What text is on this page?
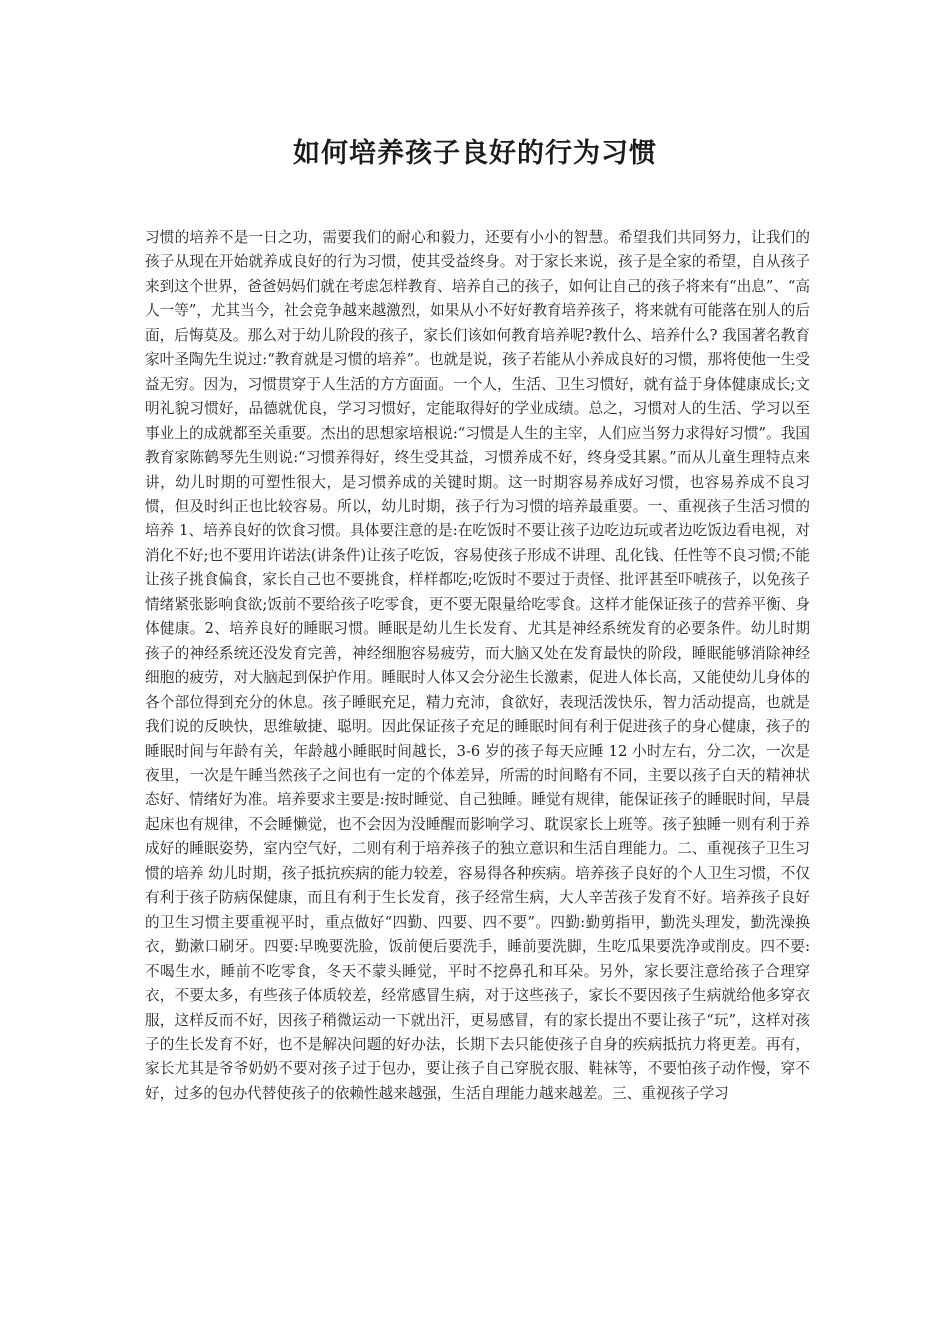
如何培养孩子良好的行为习惯

习惯的培养不是一日之功，需要我们的耐心和毅力，还要有小小的智慧。希望我们共同努力，让我们的孩子从现在开始就养成良好的行为习惯，使其受益终身。对于家长来说，孩子是全家的希望，自从孩子来到这个世界，爸爸妈妈们就在考虑怎样教育、培养自己的孩子，如何让自己的孩子将来有“出息”、“高人一等”，尤其当今，社会竞争越来越激烈，如果从小不好好教育培养孩子，将来就有可能落在别人的后面，后悔莫及。那么对于幼儿阶段的孩子，家长们该如何教育培养呢?教什么、培养什么? 我国著名教育家叶圣陶先生说过:“教育就是习惯的培养”。也就是说，孩子若能从小养成良好的习惯，那将使他一生受益无穷。因为，习惯贯穿于人生活的方方面面。一个人，生活、卫生习惯好，就有益于身体健康成长;文明礼貌习惯好，品德就优良，学习习惯好，定能取得好的学业成绩。总之，习惯对人的生活、学习以至事业上的成就都至关重要。杰出的思想家培根说:“习惯是人生的主宰，人们应当努力求得好习惯”。我国教育家陈鹤琴先生则说:“习惯养得好，终生受其益，习惯养成不好，终身受其累。”而从儿童生理特点来讲，幼儿时期的可塑性很大，是习惯养成的关键时期。这一时期容易养成好习惯，也容易养成不良习惯，但及时纠正也比较容易。所以，幼儿时期，孩子行为习惯的培养最重要。一、重视孩子生活习惯的培养 1、培养良好的饮食习惯。具体要注意的是:在吃饭时不要让孩子边吃边玩或者边吃饭边看电视，对消化不好;也不要用许诺法(讲条件)让孩子吃饭，容易使孩子形成不讲理、乱化钱、任性等不良习惯;不能让孩子挑食偏食，家长自己也不要挑食，样样都吃;吃饭时不要过于责怪、批评甚至吓唬孩子，以免孩子情绪紧张影响食欲;饭前不要给孩子吃零食，更不要无限量给吃零食。这样才能保证孩子的营养平衡、身体健康。2、培养良好的睡眠习惯。睡眠是幼儿生长发育、尤其是神经系统发育的必要条件。幼儿时期孩子的神经系统还没发育完善，神经细胞容易疲劳，而大脑又处在发育最快的阶段，睡眠能够消除神经细胞的疲劳，对大脑起到保护作用。睡眠时人体又会分泌生长激素，促进人体长高，又能使幼儿身体的各个部位得到充分的休息。孩子睡眠充足，精力充沛，食欲好，表现活泼快乐，智力活动提高，也就是我们说的反映快，思维敏捷、聪明。因此保证孩子充足的睡眠时间有利于促进孩子的身心健康，孩子的睡眠时间与年龄有关，年龄越小睡眠时间越长，3-6 岁的孩子每天应睡 12 小时左右，分二次，一次是夜里，一次是午睡当然孩子之间也有一定的个体差异，所需的时间略有不同，主要以孩子白天的精神状态好、情绪好为准。培养要求主要是:按时睡觉、自己独睡。睡觉有规律，能保证孩子的睡眠时间，早晨起床也有规律，不会睡懒觉，也不会因为没睡醒而影响学习、耽误家长上班等。孩子独睡一则有利于养成好的睡眠姿势，室内空气好，二则有利于培养孩子的独立意识和生活自理能力。二、重视孩子卫生习惯的培养 幼儿时期，孩子抵抗疾病的能力较差，容易得各种疾病。培养孩子良好的个人卫生习惯，不仅有利于孩子防病保健康，而且有利于生长发育，孩子经常生病，大人辛苦孩子发育不好。培养孩子良好的卫生习惯主要重视平时，重点做好“四勤、四要、四不要”。四勤:勤剪指甲，勤洗头理发，勤洗澡换衣，勤漱口刷牙。四要:早晚要洗脸，饭前便后要洗手，睡前要洗脚，生吃瓜果要洗净或削皮。四不要:不喝生水，睡前不吃零食，冬天不蒙头睡觉，平时不挖鼻孔和耳朵。另外，家长要注意给孩子合理穿衣，不要太多，有些孩子体质较差，经常感冒生病，对于这些孩子，家长不要因孩子生病就给他多穿衣服，这样反而不好，因孩子稍微运动一下就出汗，更易感冒，有的家长提出不要让孩子“玩”，这样对孩子的生长发育不好，也不是解决问题的好办法，长期下去只能使孩子自身的疾病抵抗力将更差。再有，家长尤其是爷爷奶奶不要对孩子过于包办，要让孩子自己穿脱衣服、鞋袜等，不要怕孩子动作慢，穿不好，过多的包办代替使孩子的依赖性越来越强，生活自理能力越来越差。三、重视孩子学习
